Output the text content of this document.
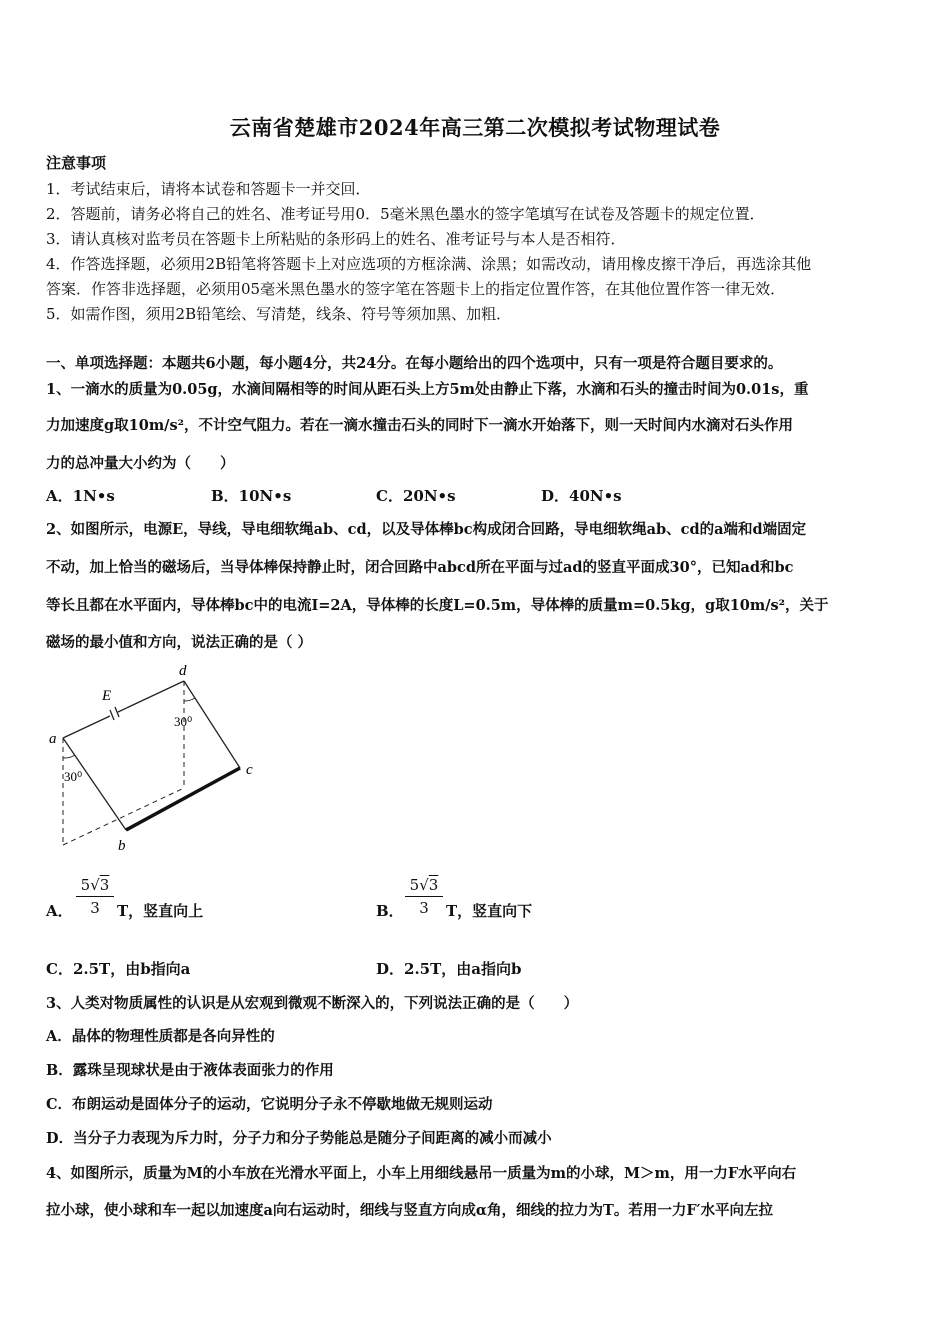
云南省楚雄市2024年高三第二次模拟考试物理试卷
注意事项
1．考试结束后，请将本试卷和答题卡一并交回．
2．答题前，请务必将自己的姓名、准考证号用0．5毫米黑色墨水的签字笔填写在试卷及答题卡的规定位置．
3．请认真核对监考员在答题卡上所粘贴的条形码上的姓名、准考证号与本人是否相符．
4．作答选择题，必须用2B铅笔将答题卡上对应选项的方框涂满、涂黑；如需改动，请用橡皮擦干净后，再选涂其他
答案．作答非选择题，必须用05毫米黑色墨水的签字笔在答题卡上的指定位置作答，在其他位置作答一律无效．
5．如需作图，须用2B铅笔绘、写清楚，线条、符号等须加黑、加粗．
一、单项选择题：本题共6小题，每小题4分，共24分。在每小题给出的四个选项中，只有一项是符合题目要求的。
1、一滴水的质量为0.05g，水滴间隔相等的时间从距石头上方5m处由静止下落，水滴和石头的撞击时间为0.01s，重
力加速度g取10m/s²，不计空气阻力。若在一滴水撞击石头的同时下一滴水开始落下，则一天时间内水滴对石头作用
力的总冲量大小约为（　　）
A．1N•s	B．10N•s	C．20N•s	D．40N•s
2、如图所示，电源E，导线，导电细软绳ab、cd，以及导体棒bc构成闭合回路，导电细软绳ab、cd的a端和d端固定
不动，加上恰当的磁场后，当导体棒保持静止时，闭合回路中abcd所在平面与过ad的竖直平面成30°，已知ad和bc
等长且都在水平面内，导体棒bc中的电流I=2A，导体棒的长度L=0.5m，导体棒的质量m=0.5kg，g取10m/s²，关于
磁场的最小值和方向，说法正确的是（ ）
a
b
c
d
E
30⁰
30⁰
A． $\frac{5√3}{3}$ T，竖直向上	B． $\frac{5√3}{3}$ T，竖直向下
C．2.5T，由b指向a	D．2.5T，由a指向b
3、人类对物质属性的认识是从宏观到微观不断深入的，下列说法正确的是（　　）
A．晶体的物理性质都是各向异性的
B．露珠呈现球状是由于液体表面张力的作用
C．布朗运动是固体分子的运动，它说明分子永不停歇地做无规则运动
D．当分子力表现为斥力时，分子力和分子势能总是随分子间距离的减小而减小
4、如图所示，质量为M的小车放在光滑水平面上，小车上用细线悬吊一质量为m的小球，M＞m，用一力F水平向右
拉小球，使小球和车一起以加速度a向右运动时，细线与竖直方向成α角，细线的拉力为T。若用一力F′水平向左拉
